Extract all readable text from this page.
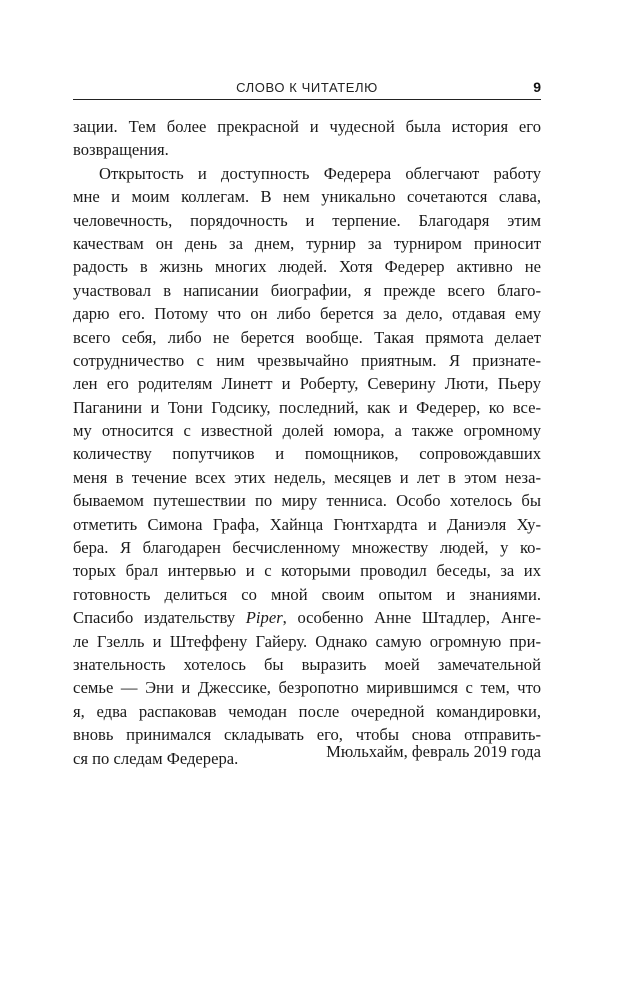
СЛОВО К ЧИТАТЕЛЮ	9
зации. Тем более прекрасной и чудесной была история его
возвращения.
Открытость и доступность Федерера облегчают работу
мне и моим коллегам. В нем уникально сочетаются слава,
человечность, порядочность и терпение. Благодаря этим
качествам он день за днем, турнир за турниром приносит
радость в жизнь многих людей. Хотя Федерер активно не
участвовал в написании биографии, я прежде всего благо-
дарю его. Потому что он либо берется за дело, отдавая ему
всего себя, либо не берется вообще. Такая прямота делает
сотрудничество с ним чрезвычайно приятным. Я признате-
лен его родителям Линетт и Роберту, Северину Люти, Пьеру
Паганини и Тони Годсику, последний, как и Федерер, ко все-
му относится с известной долей юмора, а также огромному
количеству попутчиков и помощников, сопровождавших
меня в течение всех этих недель, месяцев и лет в этом неза-
бываемом путешествии по миру тенниса. Особо хотелось бы
отметить Симона Графа, Хайнца Гюнтхардта и Даниэля Ху-
бера. Я благодарен бесчисленному множеству людей, у ко-
торых брал интервью и с которыми проводил беседы, за их
готовность делиться со мной своим опытом и знаниями.
Спасибо издательству Piper, особенно Анне Штадлер, Анге-
ле Гзелль и Штеффену Гайеру. Однако самую огромную при-
знательность хотелось бы выразить моей замечательной
семье — Эни и Джессике, безропотно мирившимся с тем, что
я, едва распаковав чемодан после очередной командировки,
вновь принимался складывать его, чтобы снова отправить-
ся по следам Федерера.	Мюльхайм, февраль 2019 года
